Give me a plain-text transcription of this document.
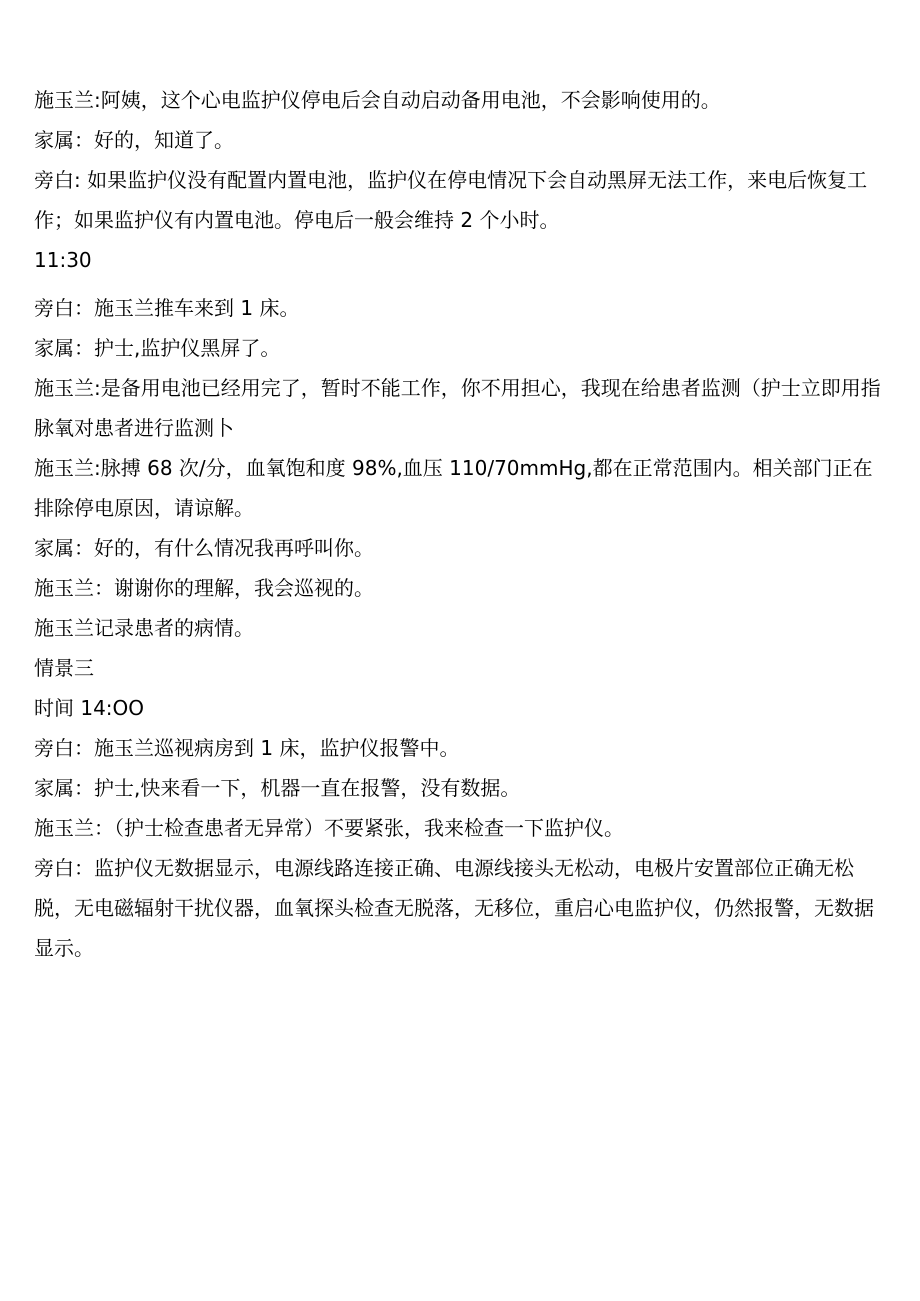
施玉兰:阿姨，这个心电监护仪停电后会自动启动备用电池，不会影响使用的。

家属：好的，知道了。

旁白: 如果监护仪没有配置内置电池，监护仪在停电情况下会自动黑屏无法工作，来电后恢复工作；如果监护仪有内置电池。停电后一般会维持 2 个小时。

11:30

旁白：施玉兰推车来到 1 床。

家属：护士,监护仪黑屏了。

施玉兰:是备用电池已经用完了，暂时不能工作，你不用担心，我现在给患者监测（护士立即用指脉氧对患者进行监测卜

施玉兰:脉搏 68 次/分，血氧饱和度 98%,血压 110/70mmHg,都在正常范围内。相关部门正在排除停电原因，请谅解。

家属：好的，有什么情况我再呼叫你。

施玉兰：谢谢你的理解，我会巡视的。

施玉兰记录患者的病情。

情景三

时间 14:OO

旁白：施玉兰巡视病房到 1 床，监护仪报警中。

家属：护士,快来看一下，机器一直在报警，没有数据。

施玉兰：（护士检查患者无异常）不要紧张，我来检查一下监护仪。

旁白：监护仪无数据显示，电源线路连接正确、电源线接头无松动，电极片安置部位正确无松脱，无电磁辐射干扰仪器，血氧探头检查无脱落，无移位，重启心电监护仪，仍然报警，无数据显示。
